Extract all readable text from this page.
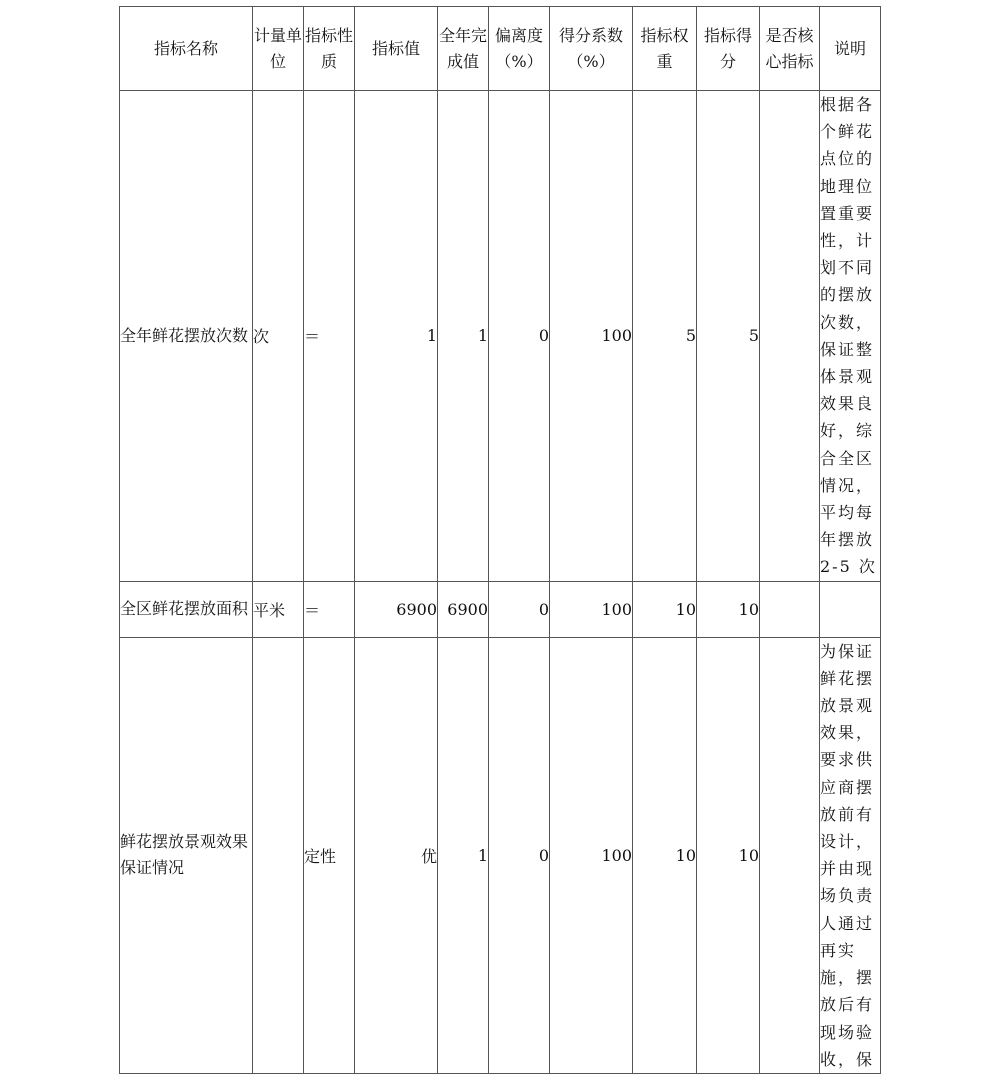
指标名称	计量单位	指标性质	指标值	全年完成值	偏离度（%）	得分系数（%）	指标权重	指标得分	是否核心指标	说明
全年鲜花摆放次数	次	＝	1	1	0	100	5	5		根据各个鲜花点位的地理位置重要性，计划不同的摆放次数，保证整体景观效果良好，综合全区情况，平均每年摆放 2-5 次
全区鲜花摆放面积	平米	＝	6900	6900	0	100	10	10		
鲜花摆放景观效果保证情况		定性	优	1	0	100	10	10		为保证鲜花摆放景观效果，要求供应商摆放前有设计，并由现场负责人通过再实施，摆放后有现场验收，保
